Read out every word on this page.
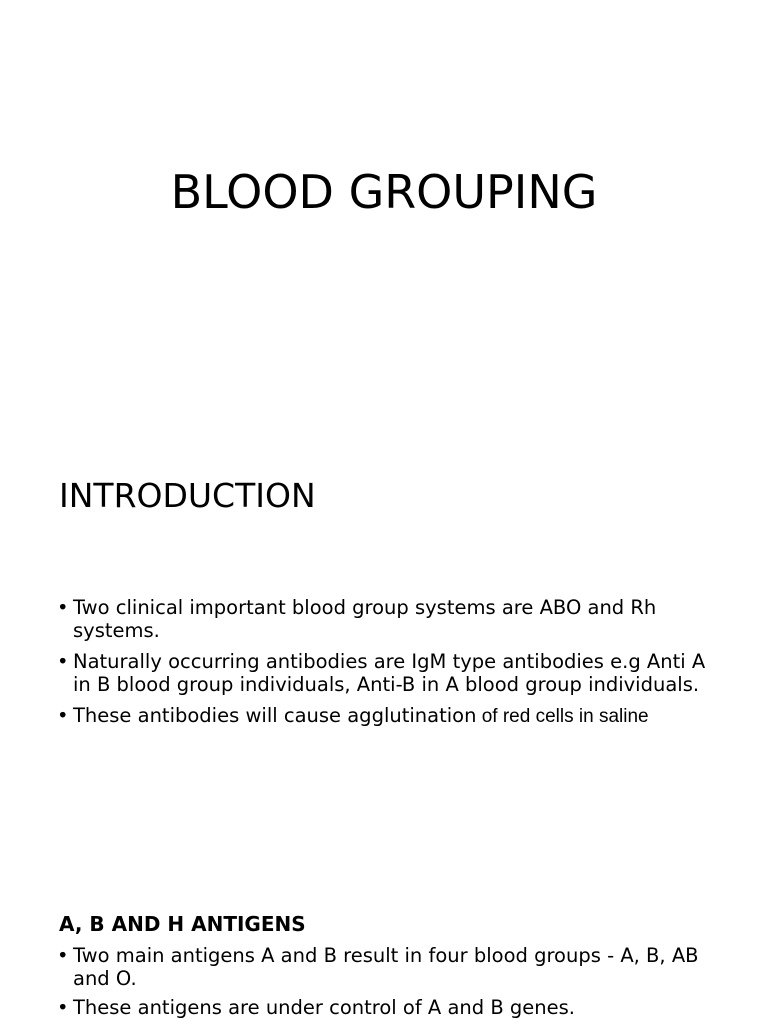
BLOOD GROUPING
INTRODUCTION
• Two clinical important blood group systems are ABO and Rh systems.
• Naturally occurring antibodies are IgM type antibodies e.g Anti A in B blood group individuals, Anti-B in A blood group individuals.
• These antibodies will cause agglutination of red cells in saline
A, B AND H ANTIGENS
• Two main antigens A and B result in four blood groups - A, B, AB and O.
• These antigens are under control of A and B genes.
